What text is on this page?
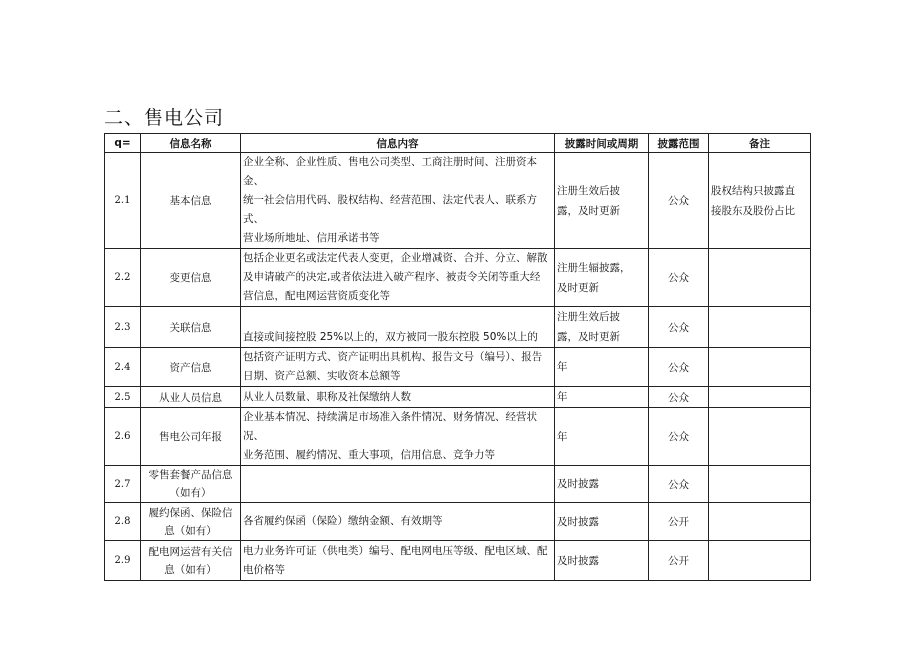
二、售电公司
q=	信息名称	信息内容	披露时间或周期	披露范围	备注
2.1	基本信息	企业全称、企业性质、售电公司类型、工商注册时间、注册资本金、
统一社会信用代码、股权结构、经营范围、法定代表人、联系方式、
营业场所地址、信用承诺书等	注册生效后披
露，及时更新	公众	股权结构只披露直
接股东及股份占比
2.2	变更信息	包括企业更名或法定代表人变更，企业增减资、合并、分立、解散
及申请破产的决定,或者依法进入破产程序、被责令关闭等重大经
营信息，配电网运营资质变化等	注册生辐披露，
及时更新	公众	
2.3	关联信息	直接或间接控股 25%以上的，双方被同一股东控股 50%以上的	注册生效后披
露，及时更新	公众	
2.4	资产信息	包括资产证明方式、资产证明出具机构、报告文号（编号）、报告
日期、资产总额、实收资本总额等	年	公众	
2.5	从业人员信息	从业人员数量、职称及社保缴纳人数	年	公众	
2.6	售电公司年报	企业基本情况、持续满足市场准入条件情况、财务情况、经营状况、
业务范围、履约情况、重大事项，信用信息、竞争力等	年	公众	
2.7	零售套餐产品信息
（如有）		及时披露	公众	
2.8	履约保函、保险信
息（如有）	各省履约保函（保险）缴纳金额、有效期等	及时披露	公开	
2.9	配电网运营有关信
息（如有）	电力业务许可证（供电类）编号、配电网电压等级、配电区域、配
电价格等	及时披露	公开	
